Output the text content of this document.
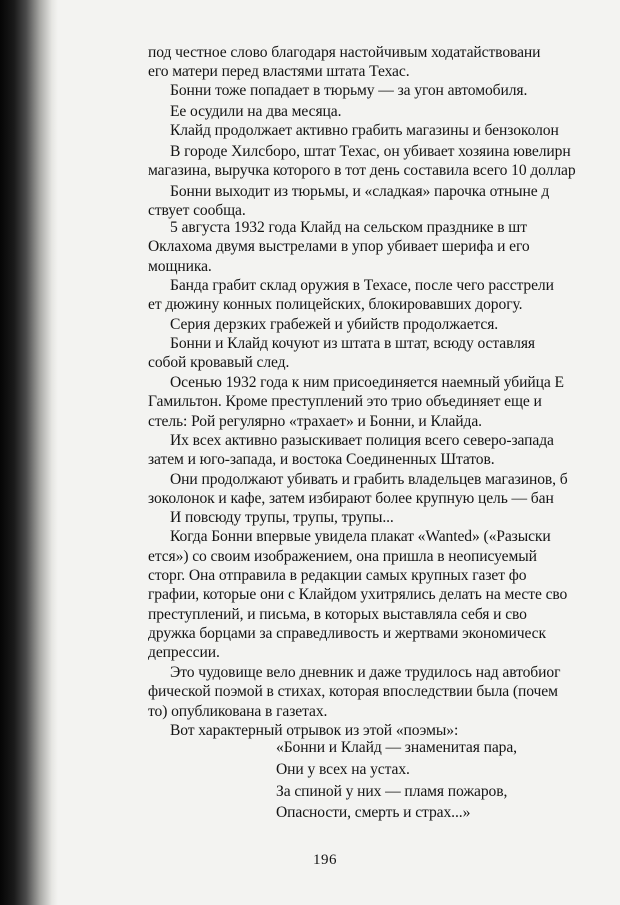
196
под честное слово благодаря настойчивым ходатайствовани
его матери перед властями штата Техас.
Бонни тоже попадает в тюрьму — за угон автомобиля.
Ее осудили на два месяца.
Клайд продолжает активно грабить магазины и бензоколон
В городе Хилсборо, штат Техас, он убивает хозяина ювелирн
магазина, выручка которого в тот день составила всего 10 доллар
Бонни выходит из тюрьмы, и «сладкая» парочка отныне д
ствует сообща.
5 августа 1932 года Клайд на сельском празднике в шт
Оклахома двумя выстрелами в упор убивает шерифа и его
мощника.
Банда грабит склад оружия в Техасе, после чего расстрели
ет дюжину конных полицейских, блокировавших дорогу.
Серия дерзких грабежей и убийств продолжается.
Бонни и Клайд кочуют из штата в штат, всюду оставляя
собой кровавый след.
Осенью 1932 года к ним присоединяется наемный убийца Е
Гамильтон. Кроме преступлений это трио объединяет еще и
стель: Рой регулярно «трахает» и Бонни, и Клайда.
Их всех активно разыскивает полиция всего северо-запада
затем и юго-запада, и востока Соединенных Штатов.
Они продолжают убивать и грабить владельцев магазинов, б
зоколонок и кафе, затем избирают более крупную цель — бан
И повсюду трупы, трупы, трупы...
Когда Бонни впервые увидела плакат «Wanted» («Разыски
ется») со своим изображением, она пришла в неописуемый
сторг. Она отправила в редакции самых крупных газет фо
графии, которые они с Клайдом ухитрялись делать на месте сво
преступлений, и письма, в которых выставляла себя и сво
дружка борцами за справедливость и жертвами экономическ
депрессии.
Это чудовище вело дневник и даже трудилось над автобиог
фической поэмой в стихах, которая впоследствии была (почем
то) опубликована в газетах.
Вот характерный отрывок из этой «поэмы»:
«Бонни и Клайд — знаменитая пара,
Они у всех на устах.
За спиной у них — пламя пожаров,
Опасности, смерть и страх...»
